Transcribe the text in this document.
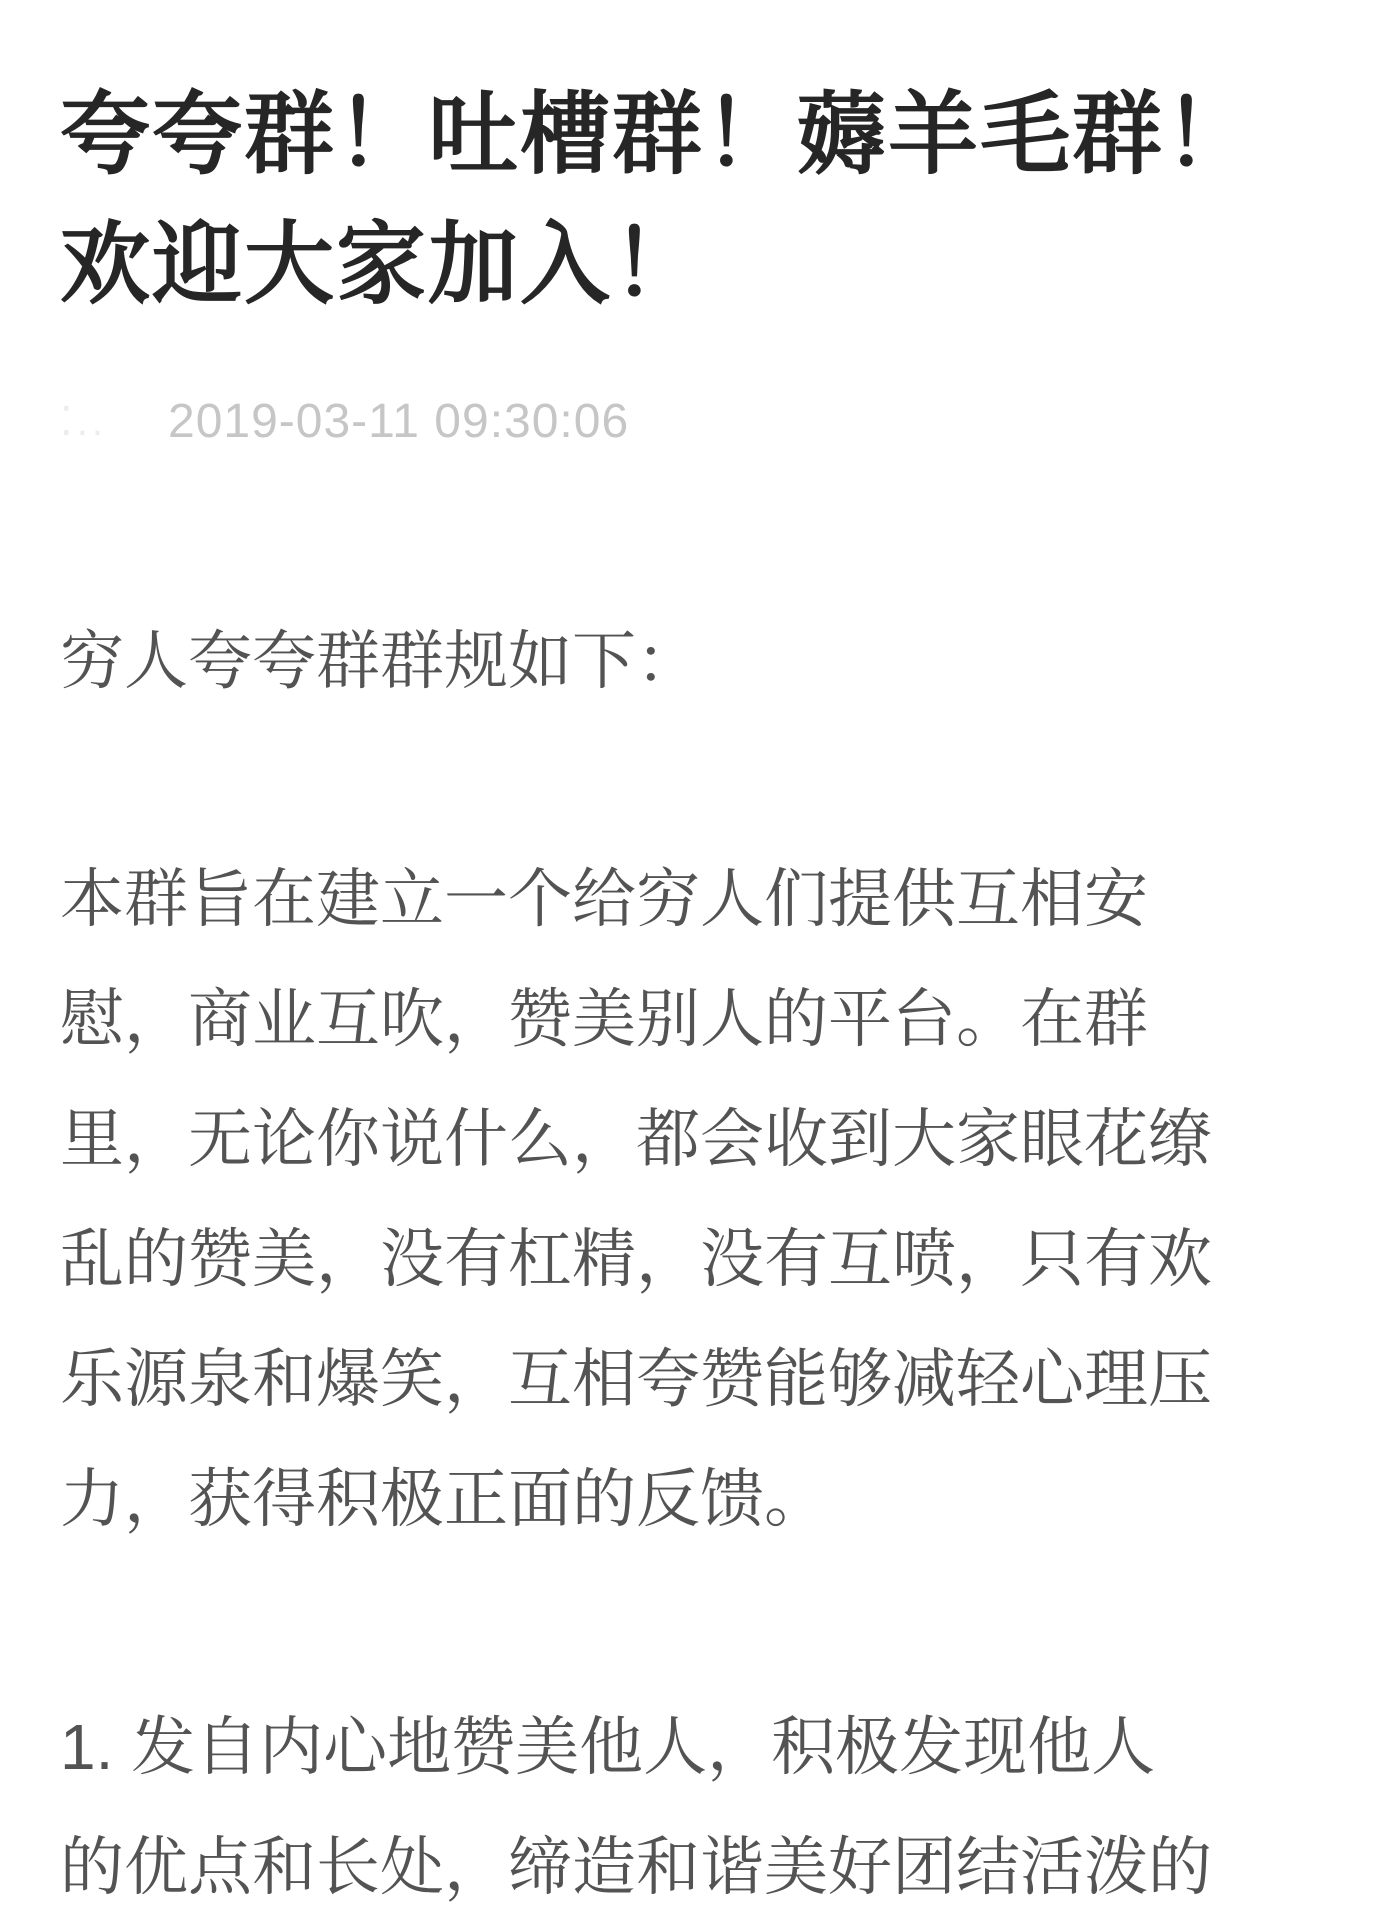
夸夸群！吐槽群！薅羊毛群！
欢迎大家加入！
⁚..	2019-03-11 09:30:06
穷人夸夸群群规如下：
本群旨在建立一个给穷人们提供互相安
慰，商业互吹，赞美别人的平台。在群
里，无论你说什么，都会收到大家眼花缭
乱的赞美，没有杠精，没有互喷，只有欢
乐源泉和爆笑，互相夸赞能够减轻心理压
力，获得积极正面的反馈。
1. 发自内心地赞美他人，积极发现他人
的优点和长处，缔造和谐美好团结活泼的
